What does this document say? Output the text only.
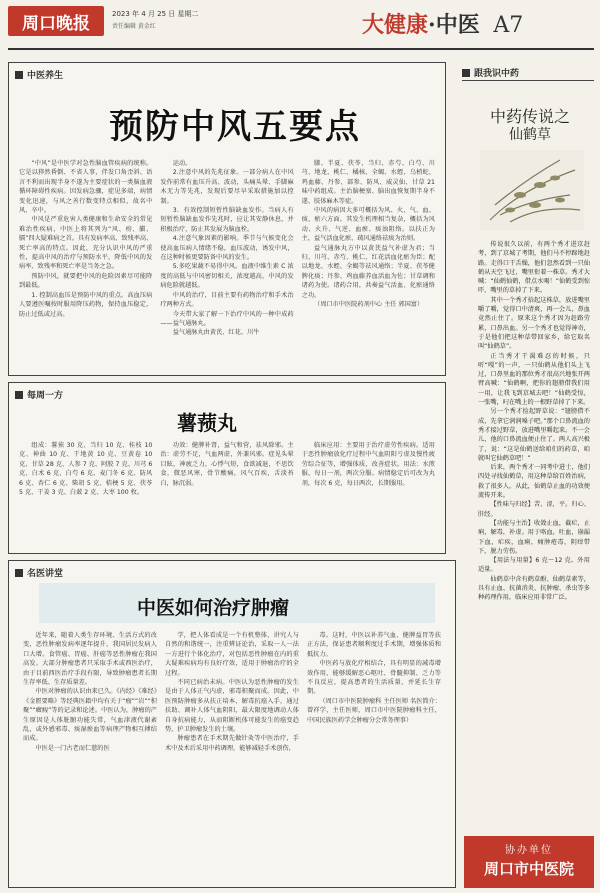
周口晚报	2023 年 4 月 25 日 星期二
责任编辑 黄金红	大健康·中医 A7
中医养生
预防中风五要点

“中风”是中医学对急性脑血管疾病的统称。它是以猝然昏倒、不省人事，伴发口角歪斜、语言不利而出现半身不遂为主要症状的一类脑血液循环障碍性疾病。因发病急骤，症见多端，病情变化迅速，与风之善行数变特点相似，故名中风、卒中。

中风是严重危害人类健康和生命安全的常见难治性疾病，中医上将其列为“风、痨、臌、膈”四大疑难病之首。具有发病率高、致残率高、死亡率高的特点。因此，充分认识中风的严重性，提高中风的治疗与预防水平，降低中风的发病率、致残率和死亡率是当务之急。

预防中风，就要把中风的危险因素尽可能降到最低。

1. 控制高血压是预防中风的重点。高血压病人要遵医嘱按时服用降压药物，保持血压稳定，防止过低或过高。

运动。

2.注意中风的先兆征象。一部分病人在中风发作前常有血压升高、波动，头痛头晕、手脚麻木无力等先兆，发现后要尽早采取措施加以控制。

3．有效控制短暂性脑缺血发作。当病人有短暂性脑缺血发作先兆时，应让其安静休息，并积极治疗，防止其发展为脑血栓。

4.注意气象因素的影响。季节与气候变化会使高血压病人情绪不稳，血压波动，诱发中风，在这种时候更要防备中风的发生。

5.多吃果蔬不易得中风。血液中维生素 C 浓度的高低与中风密切相关，浓度越高，中风的发病危险就越低。

中风的治疗，目前主要有药物治疗和手术治疗两种方式。

今天带大家了解一下治疗中风的一种中成药——益气通脉丸。

益气通脉丸由黄芪、红花、川牛

膝、半夏、茯苓、当归、赤芍、白芍、川芎、地龙、桃仁、橘核、全蝎、水蛭、乌梢蛇、鸡血藤、丹参、部参、防风、威灵仙、甘草 21 味中药组成。主治脑梗塞、脑出血恢复期半身不遂、肢体麻木等症。

中风的病因大多可概括为风、火、气、血、痰、瘀六方面。其发生机理相当复杂，概括为风动、火升、气逆、血瘀、痰浊阻络。以扶正为主，益气活血化瘀、疏风通络祛痰为治则。

益气通脉丸方中以黄芪益气补虚为君；当归、川芎、赤芍、桃仁、红花活血化瘀为臣；配以地龙、水蛭、全蝎等祛风通络；半夏、茯苓健脾化痰；丹参、鸡血藤养血活血为佐；甘草调和诸药为使。诸药合用，共奏益气活血、化瘀通络之功。

（周口市中医院药剂中心 主任 郭国富）

每周一方
薯蓣丸

组成：薯蓣 30 克、当归 10 克、桂枝 10 克、神曲 10 克、干地黄 10 克、豆黄卷 10 克、甘草 28 克、人参 7 克、阿胶 7 克、川芎 6 克、白术 6 克、白芍 6 克、麦门冬 6 克、防风 6 克、杏仁 6 克、柴胡 5 克、桔梗 5 克、茯苓 5 克、干姜 3 克、白蔹 2 克、大枣 100 枚。

功效：健脾补肾，益气和营，祛风除邪。主治：虚劳不足，气血两虚，外兼风邪。症见头晕目眩，神疲乏力，心悸气短，食欲减退，不思饮食，微恶风寒，骨节酸痛，风气百疾，舌淡苔白，脉沉弱。

临床应用：主要用于治疗虚劳性疾病。适用于恶性肿瘤放化疗过程中气血阴阳亏虚及慢性疲劳综合征等，增强体质，改善症状。用法：水煎服，每日一剂，两次分服。病情稳定后可改为丸剂，每次 6 克，每日两次，长期服用。

名医讲堂
中医如何治疗肿瘤

近年来，随着人类生存环境、生活方式的改变，恶性肿瘤发病率逐年提升，我国居民发病人口大增。食管癌、胃癌、肝癌等恶性肿瘤在我国高发。大部分肿瘤患者只采取手术或西医治疗，由于目前西医治疗手段有限，导致肿瘤患者长期生存率低、生存质量差。

中医对肿瘤的认识由来已久。《内经》《难经》《金匮要略》等经典医籍中均有关于“瘤”“岩”“积聚”“癥瘕”等的记录和论述。中医认为，肿瘤的产生原因是人体脏腑功能失常，气血津液代谢紊乱，或外感邪毒、痰湿瘀血等病理产物相互搏结而成。

中医是一门古老而仁慈的医

学，把人体看成是一个有机整体，讲究人与自然的和谐统一，注重辨证论治，采取一人一法一方进行个体化治疗，对包括恶性肿瘤在内的重大疑难疾病均有良好疗效，适用于肿瘤治疗的全过程。

不同已病治未病。中医认为恶性肿瘤的发生是由于人体正气内虚，邪毒积聚而成。因此，中医预防肿瘤多从扶正培本、解毒抗癌入手，通过扶助、调补人体气血阴阳，最大限度地调动人体自身抗病能力，从而阻断机体可能发生的癌变趋势，护卫肿瘤发生的土壤。

肿瘤患者在手术期先做针灸等中医治疗，手术中及术后采用中药调理，能够减轻手术创伤，

毒。这时，中医以补养气血、健脾益胃等扶正方法，保证患者顺利度过手术期，增强体质和抵抗力。

中医药与放化疗相结合，具有明显的减毒增效作用，能够缓解恶心呕吐、骨髓抑制、乏力等不良反应，提高患者的生活质量，并延长生存期。

（周口市中医院肿瘤科 主任医师 名医简介：曾祥学，主任医师，周口市中医院肿瘤科主任，中国民族医药学会肿瘤分会常务理事）

跟我识中药
中药传说之
仙鹤草

传说很久以前，有两个秀才进京赶考，到了京城了考期，他们马不停蹄地赶路。走得口干舌燥，他们忽然看到一只仙鹤从天空飞过，嘴里衔着一株草。秀才大喊：“仙鹤仙鹤，借点水喝！”仙鹤受到惊吓，嘴里的草掉了下来。

其中一个秀才拾起这株草，放进嘴里嚼了嚼，觉得口中清爽，再一会儿，鼻血竟然止住了。原来这个秀才因为赶路劳累，口鼻出血。另一个秀才也觉得神奇，于是他们把这种草带回家乡，给它取名叫“仙鹤草”。

正当秀才干渴难忍的时候，只听“嘎”的一声，一只仙鹤从他们头上飞过，口鼻里血的那位秀才很高兴地张开两臂高喊：“仙鹤啊，把你的翅膀借我们用一用，让我飞到京城去吧！”仙鹤受惊，一张嘴，叼在嘴上的一根野草掉了下来。

另一个秀才捡起野草说：“翅膀借不成，先拿它润润嗓子吧。”那个口鼻流血的秀才接过野草，放进嘴里嚼起来。不一会儿，他的口鼻流血便止住了。两人高兴极了，说：“这是仙鹤送给咱们的药草，咱就叫它仙鹤草吧！”

后来，两个秀才一同考中进士，他们四处寻找仙鹤草，用这种草给百姓治病，救了很多人。从此，仙鹤草止血的功效便流传开来。

【性味与归经】苦、涩，平。归心、肝经。

【功能与主治】收敛止血，截疟，止痢，解毒，补虚。用于咯血，吐血，崩漏下血，疟疾，血痢，痈肿疮毒，阴痒带下，脱力劳伤。

【用法与用量】6 克～12 克。外用适量。

仙鹤草中含有鹤草酚、仙鹤草素等，具有止血、抗菌消炎、抗肿瘤、杀虫等多种药理作用，临床应用非常广泛。

协办单位
周口市中医院
